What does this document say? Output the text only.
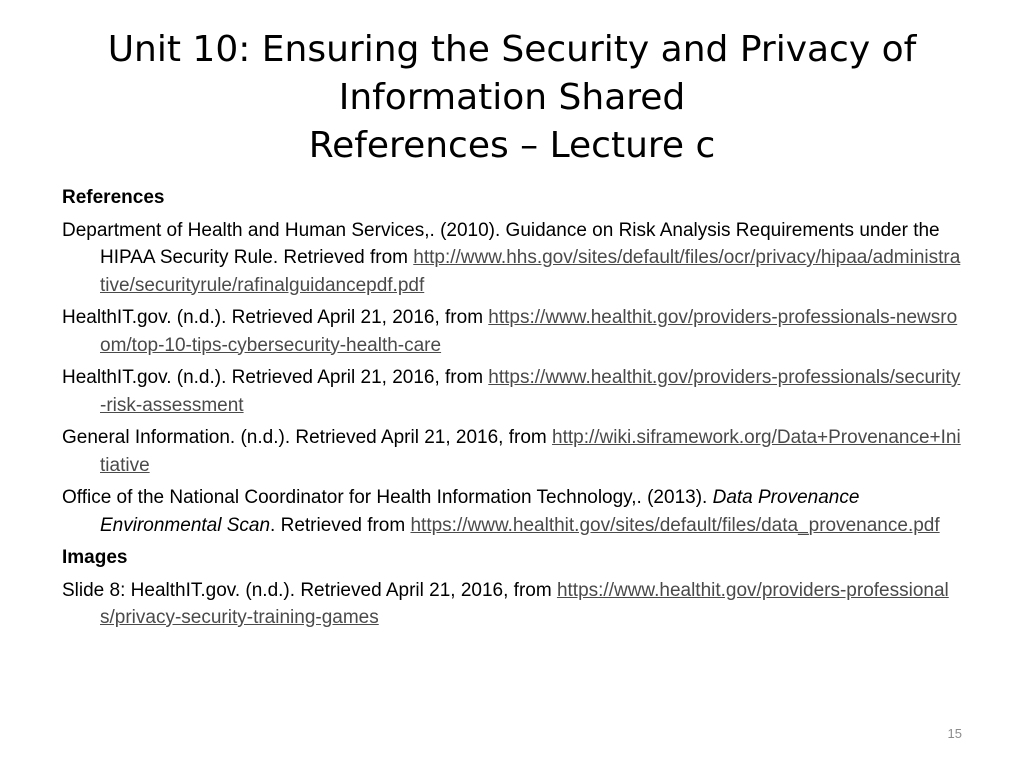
Unit 10: Ensuring the Security and Privacy of
Information Shared
References – Lecture c
References
Department of Health and Human Services,. (2010). Guidance on Risk Analysis Requirements under the HIPAA Security Rule. Retrieved from http://www.hhs.gov/sites/default/files/ocr/privacy/hipaa/administrative/securityrule/rafinalguidancepdf.pdf
HealthIT.gov. (n.d.). Retrieved April 21, 2016, from https://www.healthit.gov/providers-professionals-newsroom/top-10-tips-cybersecurity-health-care
HealthIT.gov. (n.d.). Retrieved April 21, 2016, from https://www.healthit.gov/providers-professionals/security-risk-assessment
General Information. (n.d.). Retrieved April 21, 2016, from http://wiki.siframework.org/Data+Provenance+Initiative
Office of the National Coordinator for Health Information Technology,. (2013). Data Provenance Environmental Scan. Retrieved from https://www.healthit.gov/sites/default/files/data_provenance.pdf
Images
Slide 8: HealthIT.gov. (n.d.). Retrieved April 21, 2016, from https://www.healthit.gov/providers-professionals/privacy-security-training-games
15
